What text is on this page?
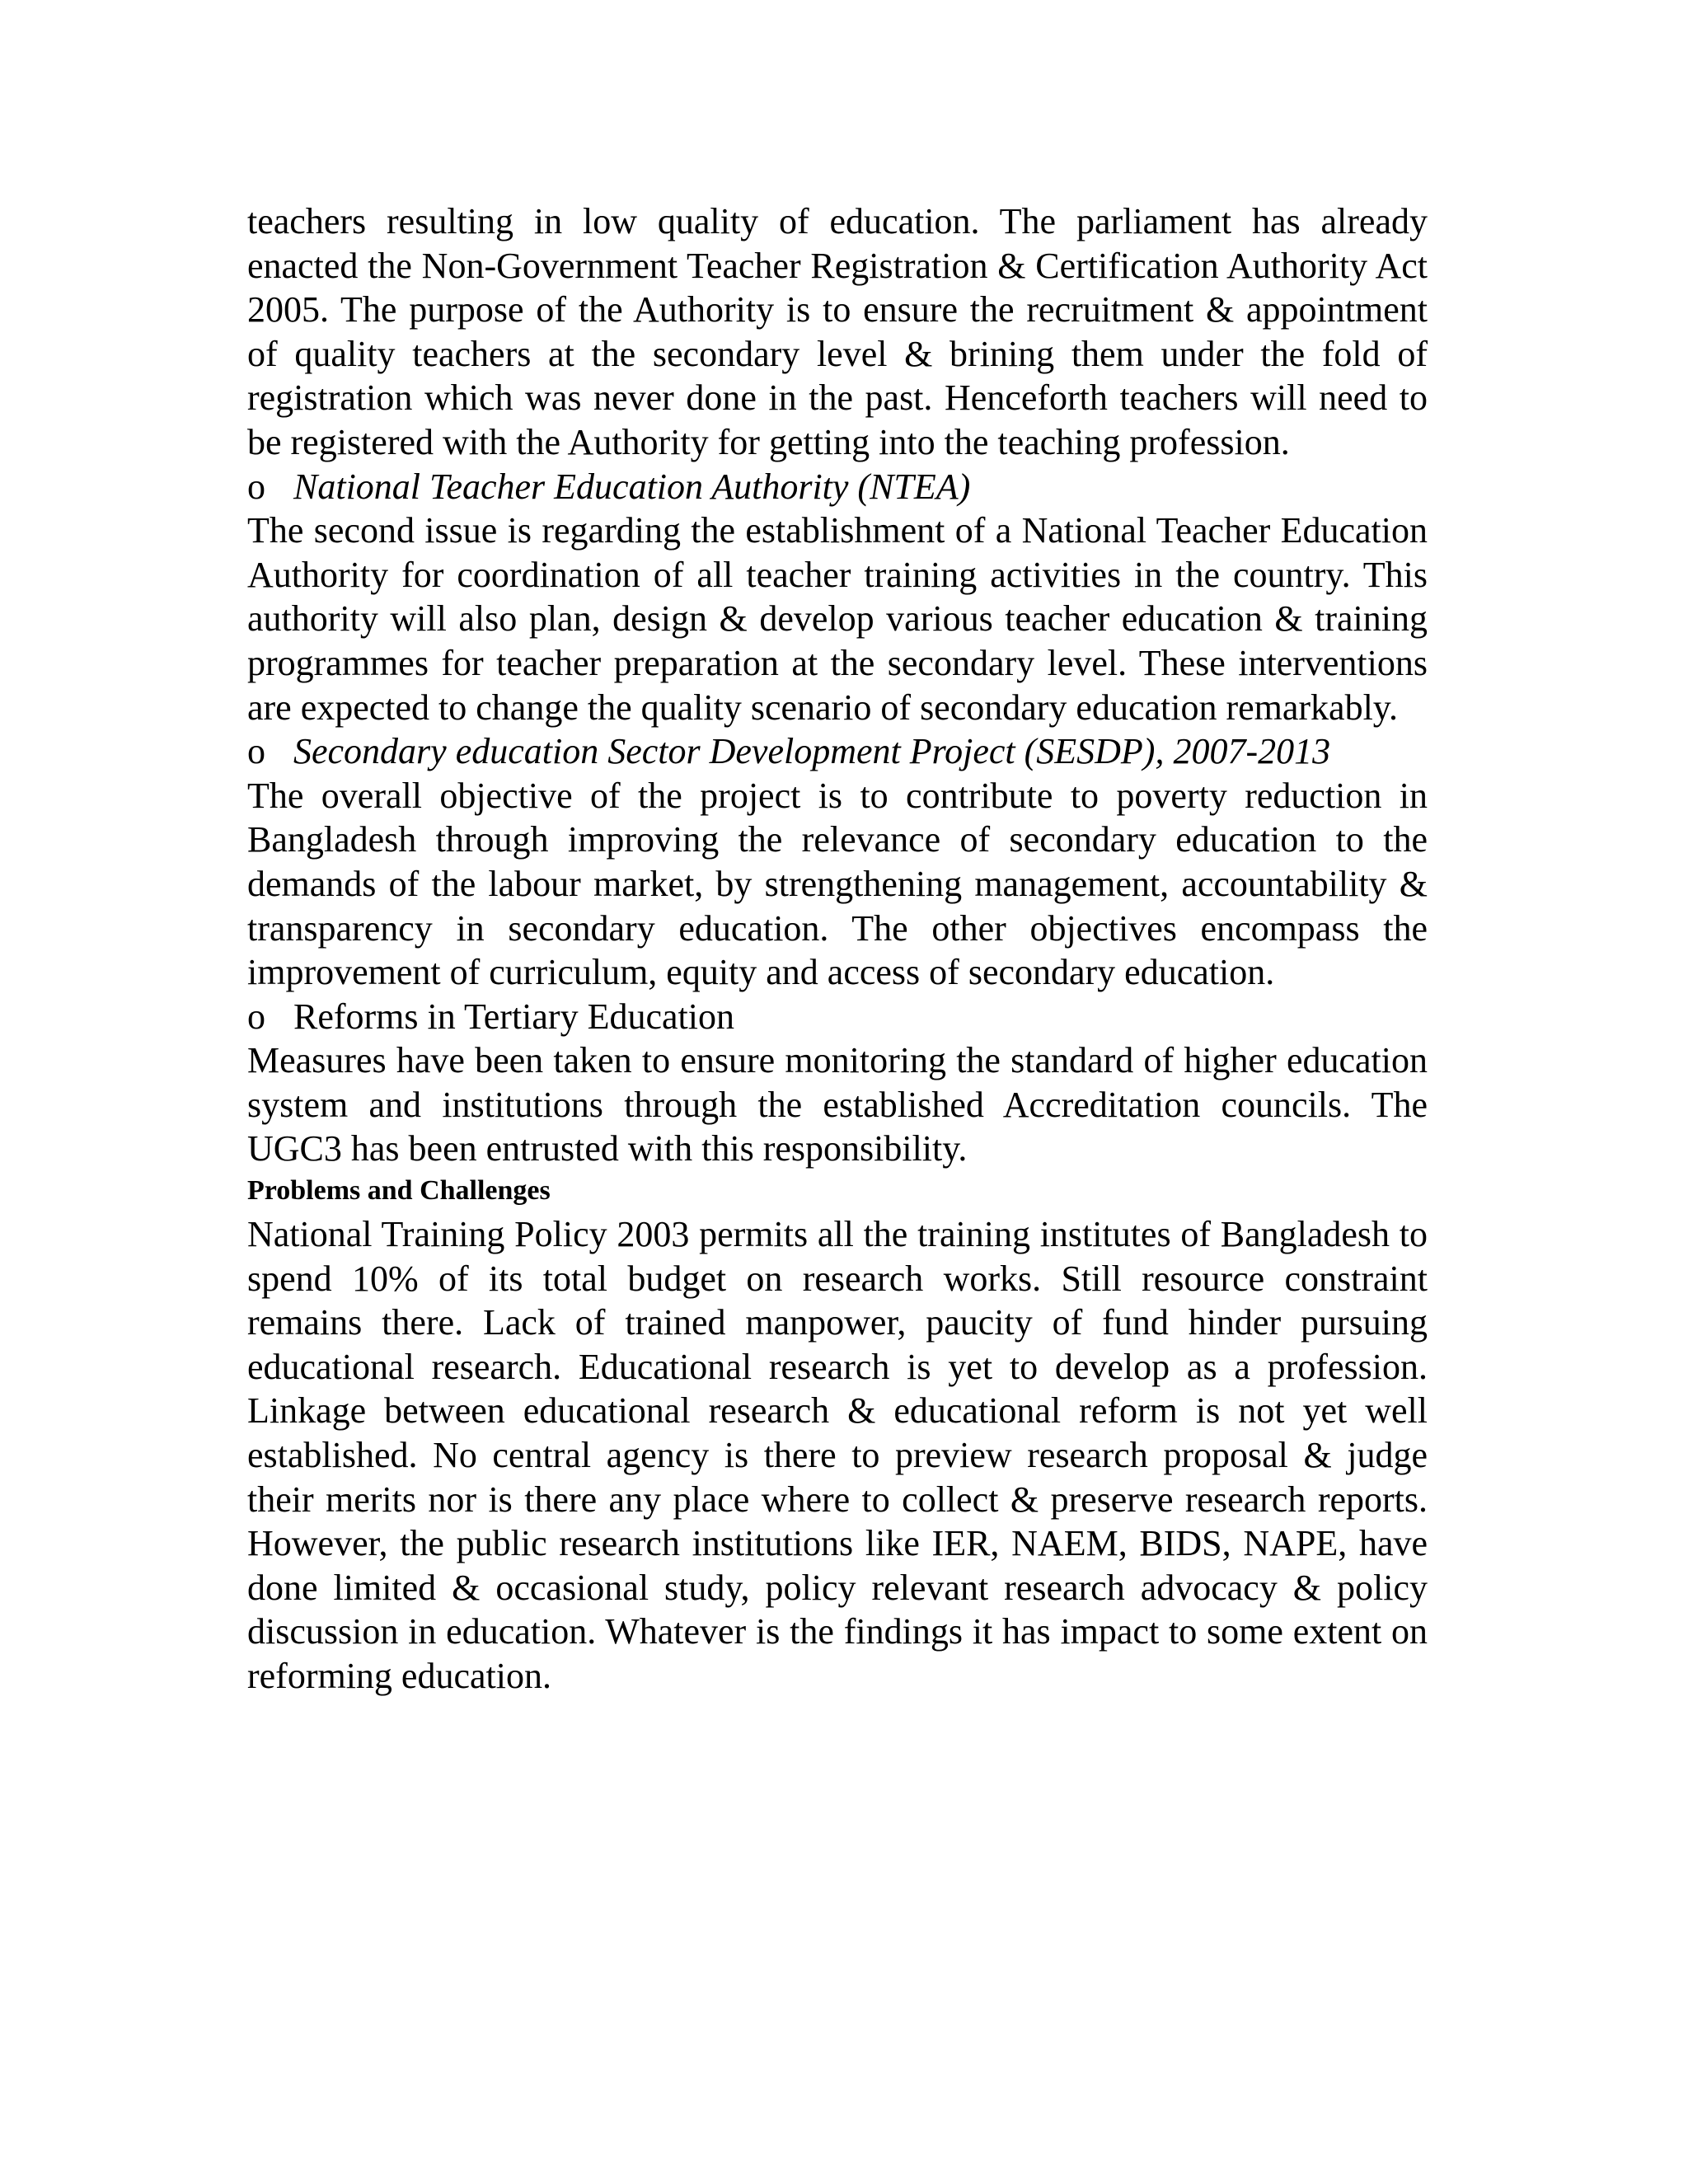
teachers resulting in low quality of education. The parliament has already enacted the Non-Government Teacher Registration & Certification Authority Act 2005. The purpose of the Authority is to ensure the recruitment & appointment of quality teachers at the secondary level & brining them under the fold of registration which was never done in the past. Henceforth teachers will need to be registered with the Authority for getting into the teaching profession.

o National Teacher Education Authority (NTEA)

The second issue is regarding the establishment of a National Teacher Education Authority for coordination of all teacher training activities in the country. This authority will also plan, design & develop various teacher education & training programmes for teacher preparation at the secondary level. These interventions are expected to change the quality scenario of secondary education remarkably.

o Secondary education Sector Development Project (SESDP), 2007-2013

The overall objective of the project is to contribute to poverty reduction in Bangladesh through improving the relevance of secondary education to the demands of the labour market, by strengthening management, accountability & transparency in secondary education. The other objectives encompass the improvement of curriculum, equity and access of secondary education.

o Reforms in Tertiary Education

Measures have been taken to ensure monitoring the standard of higher education system and institutions through the established Accreditation councils. The UGC3 has been entrusted with this responsibility.

Problems and Challenges

National Training Policy 2003 permits all the training institutes of Bangladesh to spend 10% of its total budget on research works. Still resource constraint remains there. Lack of trained manpower, paucity of fund hinder pursuing educational research. Educational research is yet to develop as a profession. Linkage between educational research & educational reform is not yet well established. No central agency is there to preview research proposal & judge their merits nor is there any place where to collect & preserve research reports. However, the public research institutions like IER, NAEM, BIDS, NAPE, have done limited & occasional study, policy relevant research advocacy & policy discussion in education. Whatever is the findings it has impact to some extent on reforming education.
